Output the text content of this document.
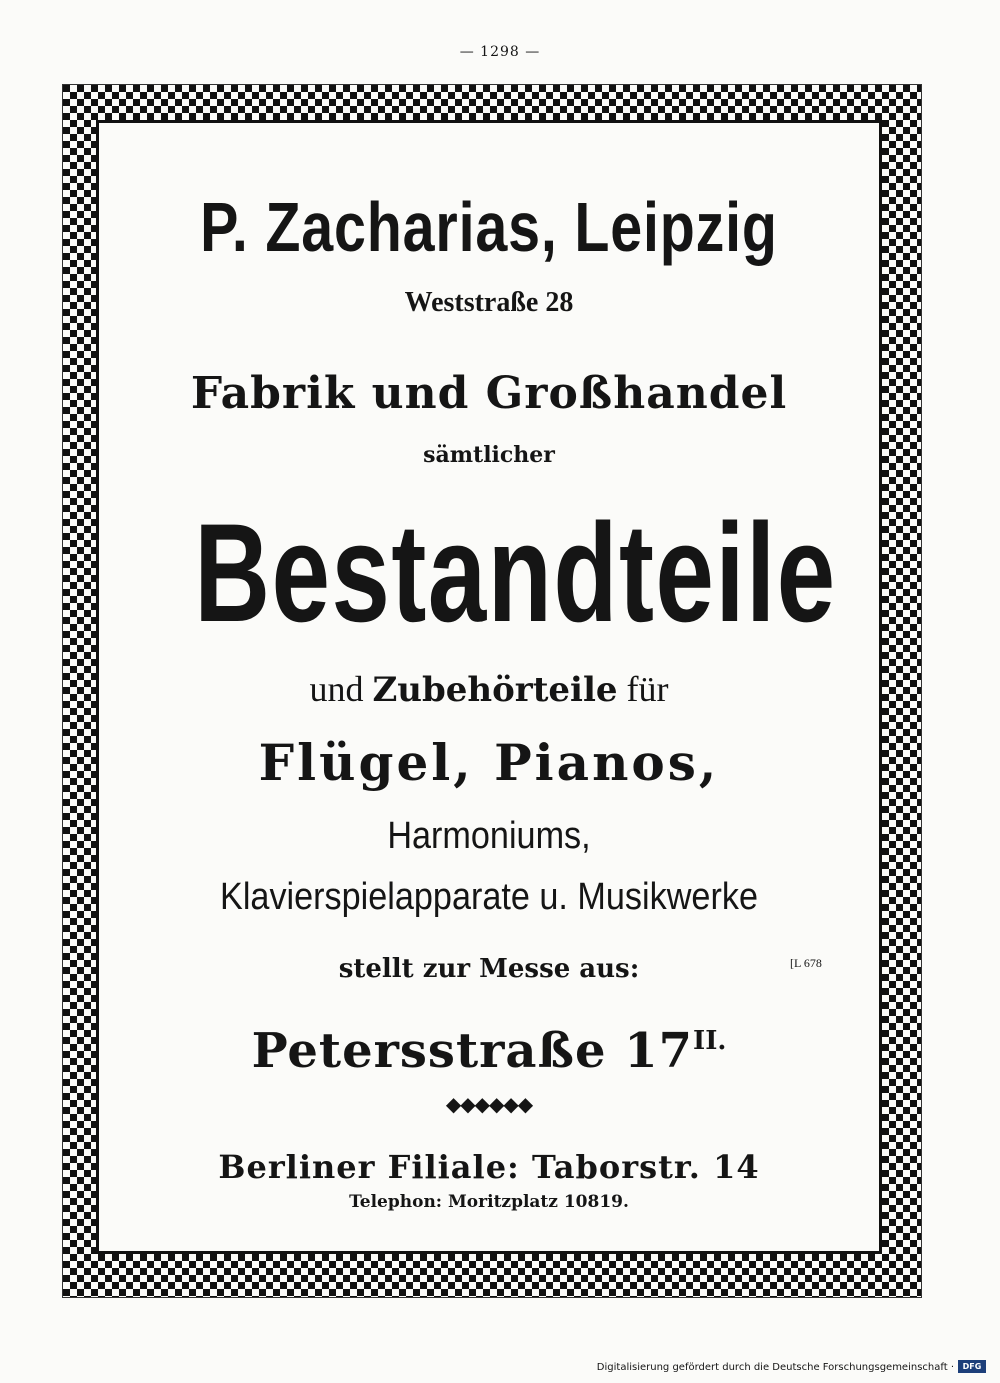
— 1298 —

P. Zacharias, Leipzig

Weststraße 28

Fabrik und Großhandel

sämtlicher

Bestandteile

und Zubehörteile für

Flügel, Pianos,

Harmoniums,

Klavierspielapparate u. Musikwerke

stellt zur Messe aus:	[L 678

Petersstraße $17^{II.}$

◆◆◆◆◆◆

Berliner Filiale: Taborstr. 14

Telephon: Moritzplatz 10819.

Digitalisierung gefördert durch die Deutsche Forschungsgemeinschaft ·	DFG
